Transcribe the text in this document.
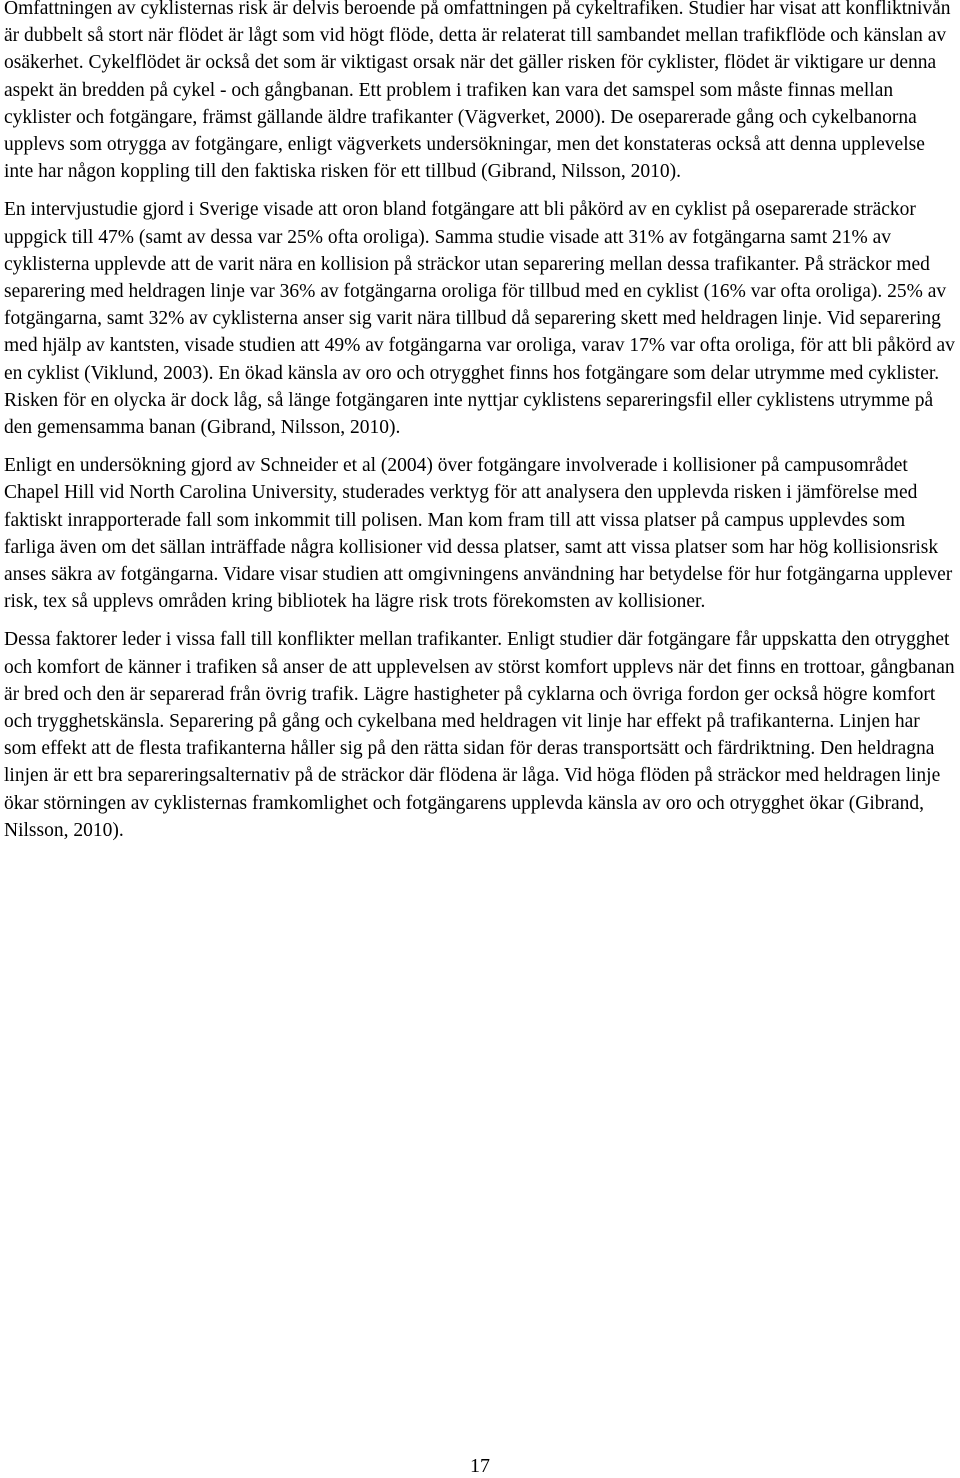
Omfattningen av cyklisternas risk är delvis beroende på omfattningen på cykeltrafiken. Studier har visat att konfliktnivån är dubbelt så stort när flödet är lågt som vid högt flöde, detta är relaterat till sambandet mellan trafikflöde och känslan av osäkerhet. Cykelflödet är också det som är viktigast orsak när det gäller risken för cyklister, flödet är viktigare ur denna aspekt än bredden på cykel - och gångbanan. Ett problem i trafiken kan vara det samspel som måste finnas mellan cyklister och fotgängare, främst gällande äldre trafikanter (Vägverket, 2000). De oseparerade gång och cykelbanorna upplevs som otrygga av fotgängare, enligt vägverkets undersökningar, men det konstateras också att denna upplevelse inte har någon koppling till den faktiska risken för ett tillbud (Gibrand, Nilsson, 2010).

En intervjustudie gjord i Sverige visade att oron bland fotgängare att bli påkörd av en cyklist på oseparerade sträckor uppgick till 47% (samt av dessa var 25% ofta oroliga). Samma studie visade att 31% av fotgängarna samt 21% av cyklisterna upplevde att de varit nära en kollision på sträckor utan separering mellan dessa trafikanter. På sträckor med separering med heldragen linje var 36% av fotgängarna oroliga för tillbud med en cyklist (16% var ofta oroliga). 25% av fotgängarna, samt 32% av cyklisterna anser sig varit nära tillbud då separering skett med heldragen linje. Vid separering med hjälp av kantsten, visade studien att 49% av fotgängarna var oroliga, varav 17% var ofta oroliga, för att bli påkörd av en cyklist (Viklund, 2003). En ökad känsla av oro och otrygghet finns hos fotgängare som delar utrymme med cyklister. Risken för en olycka är dock låg, så länge fotgängaren inte nyttjar cyklistens separeringsfil eller cyklistens utrymme på den gemensamma banan (Gibrand, Nilsson, 2010).

Enligt en undersökning gjord av Schneider et al (2004) över fotgängare involverade i kollisioner på campusområdet Chapel Hill vid North Carolina University, studerades verktyg för att analysera den upplevda risken i jämförelse med faktiskt inrapporterade fall som inkommit till polisen. Man kom fram till att vissa platser på campus upplevdes som farliga även om det sällan inträffade några kollisioner vid dessa platser, samt att vissa platser som har hög kollisionsrisk anses säkra av fotgängarna. Vidare visar studien att omgivningens användning har betydelse för hur fotgängarna upplever risk, tex så upplevs områden kring bibliotek ha lägre risk trots förekomsten av kollisioner.

Dessa faktorer leder i vissa fall till konflikter mellan trafikanter. Enligt studier där fotgängare får uppskatta den otrygghet och komfort de känner i trafiken så anser de att upplevelsen av störst komfort upplevs när det finns en trottoar, gångbanan är bred och den är separerad från övrig trafik. Lägre hastigheter på cyklarna och övriga fordon ger också högre komfort och trygghetskänsla. Separering på gång och cykelbana med heldragen vit linje har effekt på trafikanterna. Linjen har som effekt att de flesta trafikanterna håller sig på den rätta sidan för deras transportsätt och färdriktning. Den heldragna linjen är ett bra separeringsalternativ på de sträckor där flödena är låga. Vid höga flöden på sträckor med heldragen linje ökar störningen av cyklisternas framkomlighet och fotgängarens upplevda känsla av oro och otrygghet ökar (Gibrand, Nilsson, 2010).

17
